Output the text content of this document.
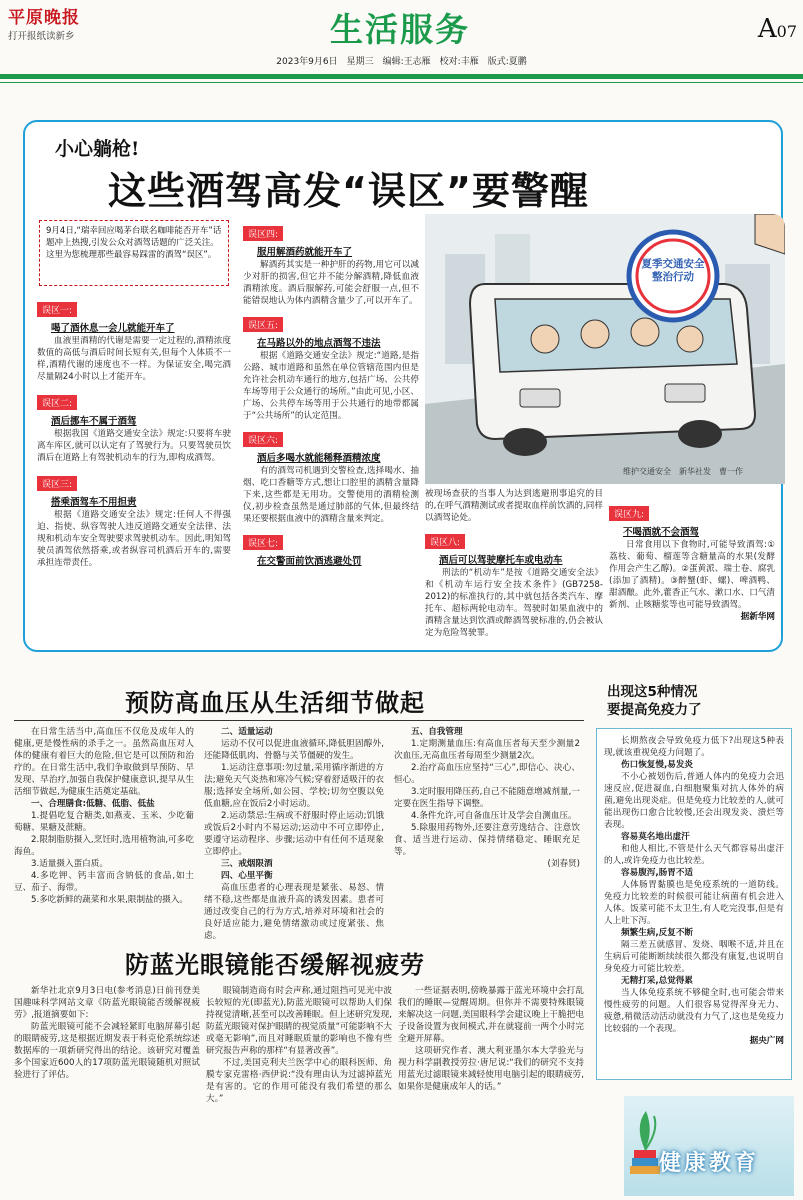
平原晚报
打开报纸读新乡	生活服务	A07
2023年9月6日　星期三　编辑:王志雁　校对:丰雁　版式:夏鹏
小心躺枪!
这些酒驾高发“误区”要警醒
9月4日,“瑞幸回应喝茅台联名咖啡能否开车”话题冲上热搜,引发公众对酒驾话题的广泛关注。这里为您梳理那些最容易踩雷的酒驾“误区”。
夏季交通安全整治行动
维护交通安全　新华社发　曹一作
误区一:

喝了酒休息一会儿就能开车了

血液里酒精的代谢是需要一定过程的,酒精浓度数值的高低与酒后时间长短有关,但每个人体质不一样,酒精代谢的速度也不一样。为保证安全,喝完酒尽量隔24小时以上才能开车。

误区二:

酒后挪车不属于酒驾

根据我国《道路交通安全法》规定:只要将车驶离车库区,就可以认定有了驾驶行为。只要驾驶员饮酒后在道路上有驾驶机动车的行为,即构成酒驾。

误区三:

搭乘酒驾车不用担责

根据《道路交通安全法》规定:任何人不得强迫、指使、纵容驾驶人违反道路交通安全法律、法规和机动车安全驾驶要求驾驶机动车。因此,明知驾驶员酒驾依然搭乘,或者纵容司机酒后开车的,需要承担连带责任。

误区四:

服用解酒药就能开车了

解酒药其实是一种护肝的药物,用它可以减少对肝的损害,但它并不能分解酒精,降低血液酒精浓度。酒后服解药,可能会舒服一点,但不能错误地认为体内酒精含量少了,可以开车了。

误区五:

在马路以外的地点酒驾不违法

根据《道路交通安全法》规定:“道路,是指公路、城市道路和虽然在单位管辖范围内但是允许社会机动车通行的地方,包括广场、公共停车场等用于公众通行的场所。”由此可见,小区、广场、公共停车场等用于公共通行的地带都属于“公共场所”的认定范围。

误区六:

酒后多喝水就能稀释酒精浓度

有的酒驾司机遇到交警检查,选择喝水、抽烟、吃口香糖等方式,想让口腔里的酒精含量降下来,这些都是无用功。交警使用的酒精检测仪,初步检查虽然是通过肺部的气体,但最终结果还要根据血液中的酒精含量来判定。

误区七:

在交警面前饮酒逃避处罚

被现场查获的当事人为达到逃避刑事追究的目的,在呼气酒精测试或者提取血样前饮酒的,同样以酒驾论处。

误区八:

酒后可以驾驶摩托车或电动车

刑法的“机动车”是按《道路交通安全法》和《机动车运行安全技术条件》(GB7258-2012)的标准执行的,其中就包括各类汽车、摩托车、超标两轮电动车。驾驶时如果血液中的酒精含量达到饮酒或醉酒驾驶标准的,仍会被认定为危险驾驶罪。

误区九:

不喝酒就不会酒驾

日常食用以下食物时,可能导致酒驾:①荔枝、葡萄、榴莲等含糖量高的水果(发酵作用会产生乙醇)。②蛋黄派、瑞士卷、腐乳(添加了酒精)。③醉蟹(虾、螺)、啤酒鸭、甜酒酿。此外,藿香正气水、漱口水、口气清新剂、止咳糖浆等也可能导致酒驾。

据新华网

预防高血压从生活细节做起

在日常生活当中,高血压不仅危及成年人的健康,更是慢性病的杀手之一。虽然高血压对人体的健康有着巨大的危险,但它是可以预防和治疗的。在日常生活中,我们争取做到早预防、早发现、早治疗,加强自我保护健康意识,提早从生活细节做起,为健康生活奠定基础。

一、合理膳食:低糖、低脂、低盐

1.提倡吃复合糖类,如燕麦、玉米、少吃葡萄糖、果糖及蔗糖。

2.限制脂肪摄入,烹饪时,选用植物油,可多吃海鱼。

3.适量摄入蛋白质。

4.多吃钾、钙丰富而含钠低的食品,如土豆、茄子、海带。

5.多吃新鲜的蔬菜和水果,限制盐的摄入。

二、适量运动

运动不仅可以促进血液循环,降低胆固醇外,还能降低肌肉、骨骼与关节僵硬的发生。

1.运动注意事项:勿过量,采用循序渐进的方法;避免天气炎热和寒冷气候;穿着舒适吸汗的衣服;选择安全场所,如公园、学校;切勿空腹以免低血糖,应在饭后2小时运动。

2.运动禁忌:生病或不舒服时停止运动;饥饿或饭后2小时内不易运动;运动中不可立即停止,要遵守运动程序、步骤;运动中有任何不适现象立即停止。

三、戒烟限酒

四、心里平衡

高血压患者的心理表现是紧张、易怒、情绪不稳,这些都是血液升高的诱发因素。患者可通过改变自己的行为方式,培养对环境和社会的良好适应能力,避免情绪激动或过度紧张、焦虑。

五、自我管理

1.定期测量血压:有高血压者每天至少测量2次血压,无高血压者每周至少测量2次。

2.治疗高血压应坚持“三心”,即信心、决心、恒心。

3.定时服用降压药,自己不能随意增减剂量,一定要在医生指导下调整。

4.条件允许,可自备血压计及学会自测血压。

5.除服用药物外,还要注意劳逸结合、注意饮食、适当进行运动、保持情绪稳定、睡眠充足等。

(刘春贤)

出现这5种情况
要提高免疫力了

长期熬夜会导致免疫力低下?出现这5种表现,就该重视免疫力问题了。

伤口恢复慢,易发炎

不小心被划伤后,普通人体内的免疫力会迅速反应,促进凝血,白细胞聚集对抗人体外的病菌,避免出现炎症。但是免疫力比较差的人,就可能出现伤口愈合比较慢,还会出现发炎、溃烂等表现。

容易莫名地出虚汗

和他人相比,不管是什么天气都容易出虚汗的人,或许免疫力也比较差。

容易腹泻,肠胃不适

人体肠胃黏膜也是免疫系统的一道防线。免疫力比较差的时候很可能让病菌有机会进入人体。饭菜可能不太卫生,有人吃完没事,但是有人上吐下泻。

频繁生病,反复不断

隔三差五就感冒、发烧、咽喉不适,并且在生病后可能断断续续很久都没有康复,也说明自身免疫力可能比较差。

无精打采,总觉得累

当人体免疫系统不够健全时,也可能会带来慢性疲劳的问题。人们很容易觉得浑身无力、疲惫,稍微活动活动就没有力气了,这也是免疫力比较弱的一个表现。

据央广网

防蓝光眼镜能否缓解视疲劳

新华社北京9月3日电(参考消息)日前刊登美国趣味科学网站文章《防蓝光眼镜能否缓解视疲劳》,报道摘要如下:

防蓝光眼镜可能不会减轻紧盯电脑屏幕引起的眼睛疲劳,这是根据近期发表于科克伦系统综述数据库的一项新研究得出的结论。该研究对覆盖多个国家近600人的17项防蓝光眼镜随机对照试验进行了评估。

眼镜制造商有时会声称,通过阻挡可见光中波长较短的光(即蓝光),防蓝光眼镜可以帮助人们保持视觉清晰,甚至可以改善睡眠。但上述研究发现,防蓝光眼镜对保护眼睛的视觉质量“可能影响不大或毫无影响”,而且对睡眠质量的影响也不像有些研究报告声称的那样“有显著改善”。

不过,美国克利夫兰医学中心的眼科医师、角膜专家克雷格·西伊说:“没有理由认为过滤掉蓝光是有害的。它的作用可能没有我们希望的那么大。”

一些证据表明,傍晚暴露于蓝光环境中会打乱我们的睡眠—觉醒周期。但你并不需要特殊眼镜来解决这一问题,美国眼科学会建议晚上干脆把电子设备设置为夜间模式,并在就寝前一两个小时完全避开屏幕。

这项研究作者、澳大利亚墨尔本大学验光与视力科学副教授劳拉·唐尼说:“我们的研究不支持用蓝光过滤眼镜来减轻使用电脑引起的眼睛疲劳,如果你是健康成年人的话。”

健康教育
